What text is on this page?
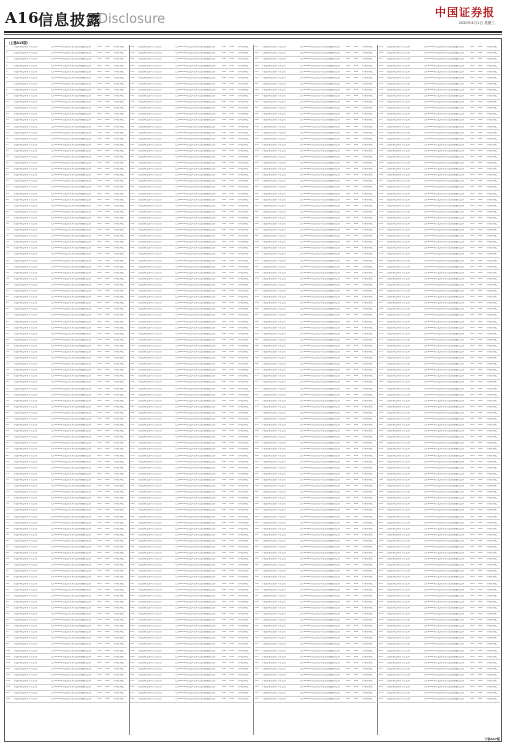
A16
信息披露
Disclosure	中国证券报
2020年4月1日 星期三
（上接A15版）
1	上海证券交易所上市公司	关于2019年度报告及年度报告摘要的公告	A15	B36	中国证券报
2	上海证券交易所上市公司	关于2019年度报告及年度报告摘要的公告	A15	B36	中国证券报
3	上海证券交易所上市公司	关于2019年度报告及年度报告摘要的公告	A15	B36	中国证券报
4	上海证券交易所上市公司	关于2019年度报告及年度报告摘要的公告	A15	B36	中国证券报
5	上海证券交易所上市公司	关于2019年度报告及年度报告摘要的公告	A15	B36	中国证券报
6	上海证券交易所上市公司	关于2019年度报告及年度报告摘要的公告	A15	B36	中国证券报
7	上海证券交易所上市公司	关于2019年度报告及年度报告摘要的公告	A15	B36	中国证券报
8	上海证券交易所上市公司	关于2019年度报告及年度报告摘要的公告	A15	B36	中国证券报
9	上海证券交易所上市公司	关于2019年度报告及年度报告摘要的公告	A15	B36	中国证券报
10	上海证券交易所上市公司	关于2019年度报告及年度报告摘要的公告	A15	B36	中国证券报
11	上海证券交易所上市公司	关于2019年度报告及年度报告摘要的公告	A15	B36	中国证券报
12	上海证券交易所上市公司	关于2019年度报告及年度报告摘要的公告	A15	B36	中国证券报
13	上海证券交易所上市公司	关于2019年度报告及年度报告摘要的公告	A15	B36	中国证券报
14	上海证券交易所上市公司	关于2019年度报告及年度报告摘要的公告	A15	B36	中国证券报
15	上海证券交易所上市公司	关于2019年度报告及年度报告摘要的公告	A15	B36	中国证券报
16	上海证券交易所上市公司	关于2019年度报告及年度报告摘要的公告	A15	B36	中国证券报
17	上海证券交易所上市公司	关于2019年度报告及年度报告摘要的公告	A15	B36	中国证券报
18	上海证券交易所上市公司	关于2019年度报告及年度报告摘要的公告	A15	B36	中国证券报
19	上海证券交易所上市公司	关于2019年度报告及年度报告摘要的公告	A15	B36	中国证券报
20	上海证券交易所上市公司	关于2019年度报告及年度报告摘要的公告	A15	B36	中国证券报
21	上海证券交易所上市公司	关于2019年度报告及年度报告摘要的公告	A15	B36	中国证券报
22	上海证券交易所上市公司	关于2019年度报告及年度报告摘要的公告	A15	B36	中国证券报
23	上海证券交易所上市公司	关于2019年度报告及年度报告摘要的公告	A15	B36	中国证券报
24	上海证券交易所上市公司	关于2019年度报告及年度报告摘要的公告	A15	B36	中国证券报
25	上海证券交易所上市公司	关于2019年度报告及年度报告摘要的公告	A15	B36	中国证券报
26	上海证券交易所上市公司	关于2019年度报告及年度报告摘要的公告	A15	B36	中国证券报
27	上海证券交易所上市公司	关于2019年度报告及年度报告摘要的公告	A15	B36	中国证券报
28	上海证券交易所上市公司	关于2019年度报告及年度报告摘要的公告	A15	B36	中国证券报
29	上海证券交易所上市公司	关于2019年度报告及年度报告摘要的公告	A15	B36	中国证券报
30	上海证券交易所上市公司	关于2019年度报告及年度报告摘要的公告	A15	B36	中国证券报
31	上海证券交易所上市公司	关于2019年度报告及年度报告摘要的公告	A15	B36	中国证券报
32	上海证券交易所上市公司	关于2019年度报告及年度报告摘要的公告	A15	B36	中国证券报
33	上海证券交易所上市公司	关于2019年度报告及年度报告摘要的公告	A15	B36	中国证券报
34	上海证券交易所上市公司	关于2019年度报告及年度报告摘要的公告	A15	B36	中国证券报
35	上海证券交易所上市公司	关于2019年度报告及年度报告摘要的公告	A15	B36	中国证券报
36	上海证券交易所上市公司	关于2019年度报告及年度报告摘要的公告	A15	B36	中国证券报
37	上海证券交易所上市公司	关于2019年度报告及年度报告摘要的公告	A15	B36	中国证券报
38	上海证券交易所上市公司	关于2019年度报告及年度报告摘要的公告	A15	B36	中国证券报
39	上海证券交易所上市公司	关于2019年度报告及年度报告摘要的公告	A15	B36	中国证券报
40	上海证券交易所上市公司	关于2019年度报告及年度报告摘要的公告	A15	B36	中国证券报
41	上海证券交易所上市公司	关于2019年度报告及年度报告摘要的公告	A15	B36	中国证券报
42	上海证券交易所上市公司	关于2019年度报告及年度报告摘要的公告	A15	B36	中国证券报
43	上海证券交易所上市公司	关于2019年度报告及年度报告摘要的公告	A15	B36	中国证券报
44	上海证券交易所上市公司	关于2019年度报告及年度报告摘要的公告	A15	B36	中国证券报
45	上海证券交易所上市公司	关于2019年度报告及年度报告摘要的公告	A15	B36	中国证券报
46	上海证券交易所上市公司	关于2019年度报告及年度报告摘要的公告	A15	B36	中国证券报
47	上海证券交易所上市公司	关于2019年度报告及年度报告摘要的公告	A15	B36	中国证券报
48	上海证券交易所上市公司	关于2019年度报告及年度报告摘要的公告	A15	B36	中国证券报
49	上海证券交易所上市公司	关于2019年度报告及年度报告摘要的公告	A15	B36	中国证券报
50	上海证券交易所上市公司	关于2019年度报告及年度报告摘要的公告	A15	B36	中国证券报
51	上海证券交易所上市公司	关于2019年度报告及年度报告摘要的公告	A15	B36	中国证券报
52	上海证券交易所上市公司	关于2019年度报告及年度报告摘要的公告	A15	B36	中国证券报
53	上海证券交易所上市公司	关于2019年度报告及年度报告摘要的公告	A15	B36	中国证券报
54	上海证券交易所上市公司	关于2019年度报告及年度报告摘要的公告	A15	B36	中国证券报
55	上海证券交易所上市公司	关于2019年度报告及年度报告摘要的公告	A15	B36	中国证券报
56	上海证券交易所上市公司	关于2019年度报告及年度报告摘要的公告	A15	B36	中国证券报
57	上海证券交易所上市公司	关于2019年度报告及年度报告摘要的公告	A15	B36	中国证券报
58	上海证券交易所上市公司	关于2019年度报告及年度报告摘要的公告	A15	B36	中国证券报
59	上海证券交易所上市公司	关于2019年度报告及年度报告摘要的公告	A15	B36	中国证券报
60	上海证券交易所上市公司	关于2019年度报告及年度报告摘要的公告	A15	B36	中国证券报
61	上海证券交易所上市公司	关于2019年度报告及年度报告摘要的公告	A15	B36	中国证券报
62	上海证券交易所上市公司	关于2019年度报告及年度报告摘要的公告	A15	B36	中国证券报
63	上海证券交易所上市公司	关于2019年度报告及年度报告摘要的公告	A15	B36	中国证券报
64	上海证券交易所上市公司	关于2019年度报告及年度报告摘要的公告	A15	B36	中国证券报
65	上海证券交易所上市公司	关于2019年度报告及年度报告摘要的公告	A15	B36	中国证券报
66	上海证券交易所上市公司	关于2019年度报告及年度报告摘要的公告	A15	B36	中国证券报
67	上海证券交易所上市公司	关于2019年度报告及年度报告摘要的公告	A15	B36	中国证券报
68	上海证券交易所上市公司	关于2019年度报告及年度报告摘要的公告	A15	B36	中国证券报
69	上海证券交易所上市公司	关于2019年度报告及年度报告摘要的公告	A15	B36	中国证券报
70	上海证券交易所上市公司	关于2019年度报告及年度报告摘要的公告	A15	B36	中国证券报
71	上海证券交易所上市公司	关于2019年度报告及年度报告摘要的公告	A15	B36	中国证券报
72	上海证券交易所上市公司	关于2019年度报告及年度报告摘要的公告	A15	B36	中国证券报
73	上海证券交易所上市公司	关于2019年度报告及年度报告摘要的公告	A15	B36	中国证券报
74	上海证券交易所上市公司	关于2019年度报告及年度报告摘要的公告	A15	B36	中国证券报
75	上海证券交易所上市公司	关于2019年度报告及年度报告摘要的公告	A15	B36	中国证券报
76	上海证券交易所上市公司	关于2019年度报告及年度报告摘要的公告	A15	B36	中国证券报
77	上海证券交易所上市公司	关于2019年度报告及年度报告摘要的公告	A15	B36	中国证券报
78	上海证券交易所上市公司	关于2019年度报告及年度报告摘要的公告	A15	B36	中国证券报
79	上海证券交易所上市公司	关于2019年度报告及年度报告摘要的公告	A15	B36	中国证券报
80	上海证券交易所上市公司	关于2019年度报告及年度报告摘要的公告	A15	B36	中国证券报
81	上海证券交易所上市公司	关于2019年度报告及年度报告摘要的公告	A15	B36	中国证券报
82	上海证券交易所上市公司	关于2019年度报告及年度报告摘要的公告	A15	B36	中国证券报
83	上海证券交易所上市公司	关于2019年度报告及年度报告摘要的公告	A15	B36	中国证券报
84	上海证券交易所上市公司	关于2019年度报告及年度报告摘要的公告	A15	B36	中国证券报
85	上海证券交易所上市公司	关于2019年度报告及年度报告摘要的公告	A15	B36	中国证券报
86	上海证券交易所上市公司	关于2019年度报告及年度报告摘要的公告	A15	B36	中国证券报
87	上海证券交易所上市公司	关于2019年度报告及年度报告摘要的公告	A15	B36	中国证券报
88	上海证券交易所上市公司	关于2019年度报告及年度报告摘要的公告	A15	B36	中国证券报
89	上海证券交易所上市公司	关于2019年度报告及年度报告摘要的公告	A15	B36	中国证券报
90	上海证券交易所上市公司	关于2019年度报告及年度报告摘要的公告	A15	B36	中国证券报
91	上海证券交易所上市公司	关于2019年度报告及年度报告摘要的公告	A15	B36	中国证券报
92	上海证券交易所上市公司	关于2019年度报告及年度报告摘要的公告	A15	B36	中国证券报
93	上海证券交易所上市公司	关于2019年度报告及年度报告摘要的公告	A15	B36	中国证券报
94	上海证券交易所上市公司	关于2019年度报告及年度报告摘要的公告	A15	B36	中国证券报
95	上海证券交易所上市公司	关于2019年度报告及年度报告摘要的公告	A15	B36	中国证券报
96	上海证券交易所上市公司	关于2019年度报告及年度报告摘要的公告	A15	B36	中国证券报
97	上海证券交易所上市公司	关于2019年度报告及年度报告摘要的公告	A15	B36	中国证券报
98	上海证券交易所上市公司	关于2019年度报告及年度报告摘要的公告	A15	B36	中国证券报
99	上海证券交易所上市公司	关于2019年度报告及年度报告摘要的公告	A15	B36	中国证券报
100	上海证券交易所上市公司	关于2019年度报告及年度报告摘要的公告	A15	B36	中国证券报
101	上海证券交易所上市公司	关于2019年度报告及年度报告摘要的公告	A15	B36	中国证券报
102	上海证券交易所上市公司	关于2019年度报告及年度报告摘要的公告	A15	B36	中国证券报
103	上海证券交易所上市公司	关于2019年度报告及年度报告摘要的公告	A15	B36	中国证券报
104	上海证券交易所上市公司	关于2019年度报告及年度报告摘要的公告	A15	B36	中国证券报
105	上海证券交易所上市公司	关于2019年度报告及年度报告摘要的公告	A15	B36	中国证券报
106	上海证券交易所上市公司	关于2019年度报告及年度报告摘要的公告	A15	B36	中国证券报
107	上海证券交易所上市公司	关于2019年度报告及年度报告摘要的公告	A15	B36	中国证券报
108	上海证券交易所上市公司	关于2019年度报告及年度报告摘要的公告	A15	B36	中国证券报
109	上海证券交易所上市公司	关于2019年度报告及年度报告摘要的公告	A15	B36	中国证券报
110	上海证券交易所上市公司	关于2019年度报告及年度报告摘要的公告	A15	B36	中国证券报
111	上海证券交易所上市公司	关于2019年度报告及年度报告摘要的公告	A15	B36	中国证券报
112	上海证券交易所上市公司	关于2019年度报告及年度报告摘要的公告	A15	B36	中国证券报
113	上海证券交易所上市公司	关于2019年度报告及年度报告摘要的公告	A15	B36	中国证券报
114	上海证券交易所上市公司	关于2019年度报告及年度报告摘要的公告	A15	B36	中国证券报
115	上海证券交易所上市公司	关于2019年度报告及年度报告摘要的公告	A15	B36	中国证券报
116	上海证券交易所上市公司	关于2019年度报告及年度报告摘要的公告	A15	B36	中国证券报
117	上海证券交易所上市公司	关于2019年度报告及年度报告摘要的公告	A15	B36	中国证券报
118	上海证券交易所上市公司	关于2019年度报告及年度报告摘要的公告	A15	B36	中国证券报
119	上海证券交易所上市公司	关于2019年度报告及年度报告摘要的公告	A15	B36	中国证券报
120	上海证券交易所上市公司	关于2019年度报告及年度报告摘要的公告	A15	B36	中国证券报
121	上海证券交易所上市公司	关于2019年度报告及年度报告摘要的公告	A15	B36	中国证券报
122	上海证券交易所上市公司	关于2019年度报告及年度报告摘要的公告	A15	B36	中国证券报
123	上海证券交易所上市公司	关于2019年度报告及年度报告摘要的公告	A15	B36	中国证券报
124	上海证券交易所上市公司	关于2019年度报告及年度报告摘要的公告	A15	B36	中国证券报
125	上海证券交易所上市公司	关于2019年度报告及年度报告摘要的公告	A15	B36	中国证券报
126	上海证券交易所上市公司	关于2019年度报告及年度报告摘要的公告	A15	B36	中国证券报
127	上海证券交易所上市公司	关于2019年度报告及年度报告摘要的公告	A15	B36	中国证券报
128	上海证券交易所上市公司	关于2019年度报告及年度报告摘要的公告	A15	B36	中国证券报
129	上海证券交易所上市公司	关于2019年度报告及年度报告摘要的公告	A15	B36	中国证券报
130	上海证券交易所上市公司	关于2019年度报告及年度报告摘要的公告	A15	B36	中国证券报
131	上海证券交易所上市公司	关于2019年度报告及年度报告摘要的公告	A15	B36	中国证券报
132	上海证券交易所上市公司	关于2019年度报告及年度报告摘要的公告	A15	B36	中国证券报
133	上海证券交易所上市公司	关于2019年度报告及年度报告摘要的公告	A15	B36	中国证券报
134	上海证券交易所上市公司	关于2019年度报告及年度报告摘要的公告	A15	B36	中国证券报
135	上海证券交易所上市公司	关于2019年度报告及年度报告摘要的公告	A15	B36	中国证券报
136	上海证券交易所上市公司	关于2019年度报告及年度报告摘要的公告	A15	B36	中国证券报
137	上海证券交易所上市公司	关于2019年度报告及年度报告摘要的公告	A15	B36	中国证券报
138	上海证券交易所上市公司	关于2019年度报告及年度报告摘要的公告	A15	B36	中国证券报
139	上海证券交易所上市公司	关于2019年度报告及年度报告摘要的公告	A15	B36	中国证券报
140	上海证券交易所上市公司	关于2019年度报告及年度报告摘要的公告	A15	B36	中国证券报
141	上海证券交易所上市公司	关于2019年度报告及年度报告摘要的公告	A15	B36	中国证券报
142	上海证券交易所上市公司	关于2019年度报告及年度报告摘要的公告	A15	B36	中国证券报
143	上海证券交易所上市公司	关于2019年度报告及年度报告摘要的公告	A15	B36	中国证券报
144	上海证券交易所上市公司	关于2019年度报告及年度报告摘要的公告	A15	B36	中国证券报
145	上海证券交易所上市公司	关于2019年度报告及年度报告摘要的公告	A15	B36	中国证券报
146	上海证券交易所上市公司	关于2019年度报告及年度报告摘要的公告	A15	B36	中国证券报
147	上海证券交易所上市公司	关于2019年度报告及年度报告摘要的公告	A15	B36	中国证券报
148	上海证券交易所上市公司	关于2019年度报告及年度报告摘要的公告	A15	B36	中国证券报
149	上海证券交易所上市公司	关于2019年度报告及年度报告摘要的公告	A15	B36	中国证券报
150	上海证券交易所上市公司	关于2019年度报告及年度报告摘要的公告	A15	B36	中国证券报
151	上海证券交易所上市公司	关于2019年度报告及年度报告摘要的公告	A15	B36	中国证券报
152	上海证券交易所上市公司	关于2019年度报告及年度报告摘要的公告	A15	B36	中国证券报
153	上海证券交易所上市公司	关于2019年度报告及年度报告摘要的公告	A15	B36	中国证券报
154	上海证券交易所上市公司	关于2019年度报告及年度报告摘要的公告	A15	B36	中国证券报
155	上海证券交易所上市公司	关于2019年度报告及年度报告摘要的公告	A15	B36	中国证券报
156	上海证券交易所上市公司	关于2019年度报告及年度报告摘要的公告	A15	B36	中国证券报
157	上海证券交易所上市公司	关于2019年度报告及年度报告摘要的公告	A15	B36	中国证券报
158	上海证券交易所上市公司	关于2019年度报告及年度报告摘要的公告	A15	B36	中国证券报
159	上海证券交易所上市公司	关于2019年度报告及年度报告摘要的公告	A15	B36	中国证券报
160	上海证券交易所上市公司	关于2019年度报告及年度报告摘要的公告	A15	B36	中国证券报
161	上海证券交易所上市公司	关于2019年度报告及年度报告摘要的公告	A15	B36	中国证券报
162	上海证券交易所上市公司	关于2019年度报告及年度报告摘要的公告	A15	B36	中国证券报
163	上海证券交易所上市公司	关于2019年度报告及年度报告摘要的公告	A15	B36	中国证券报
164	上海证券交易所上市公司	关于2019年度报告及年度报告摘要的公告	A15	B36	中国证券报
165	上海证券交易所上市公司	关于2019年度报告及年度报告摘要的公告	A15	B36	中国证券报
166	上海证券交易所上市公司	关于2019年度报告及年度报告摘要的公告	A15	B36	中国证券报
167	上海证券交易所上市公司	关于2019年度报告及年度报告摘要的公告	A15	B36	中国证券报
168	上海证券交易所上市公司	关于2019年度报告及年度报告摘要的公告	A15	B36	中国证券报
169	上海证券交易所上市公司	关于2019年度报告及年度报告摘要的公告	A15	B36	中国证券报
170	上海证券交易所上市公司	关于2019年度报告及年度报告摘要的公告	A15	B36	中国证券报
171	上海证券交易所上市公司	关于2019年度报告及年度报告摘要的公告	A15	B36	中国证券报
172	上海证券交易所上市公司	关于2019年度报告及年度报告摘要的公告	A15	B36	中国证券报
173	上海证券交易所上市公司	关于2019年度报告及年度报告摘要的公告	A15	B36	中国证券报
174	上海证券交易所上市公司	关于2019年度报告及年度报告摘要的公告	A15	B36	中国证券报
175	上海证券交易所上市公司	关于2019年度报告及年度报告摘要的公告	A15	B36	中国证券报
176	上海证券交易所上市公司	关于2019年度报告及年度报告摘要的公告	A15	B36	中国证券报
177	上海证券交易所上市公司	关于2019年度报告及年度报告摘要的公告	A15	B36	中国证券报
178	上海证券交易所上市公司	关于2019年度报告及年度报告摘要的公告	A15	B36	中国证券报
179	上海证券交易所上市公司	关于2019年度报告及年度报告摘要的公告	A15	B36	中国证券报
180	上海证券交易所上市公司	关于2019年度报告及年度报告摘要的公告	A15	B36	中国证券报
181	上海证券交易所上市公司	关于2019年度报告及年度报告摘要的公告	A15	B36	中国证券报
182	上海证券交易所上市公司	关于2019年度报告及年度报告摘要的公告	A15	B36	中国证券报
183	上海证券交易所上市公司	关于2019年度报告及年度报告摘要的公告	A15	B36	中国证券报
184	上海证券交易所上市公司	关于2019年度报告及年度报告摘要的公告	A15	B36	中国证券报
185	上海证券交易所上市公司	关于2019年度报告及年度报告摘要的公告	A15	B36	中国证券报
186	上海证券交易所上市公司	关于2019年度报告及年度报告摘要的公告	A15	B36	中国证券报
187	上海证券交易所上市公司	关于2019年度报告及年度报告摘要的公告	A15	B36	中国证券报
188	上海证券交易所上市公司	关于2019年度报告及年度报告摘要的公告	A15	B36	中国证券报
189	上海证券交易所上市公司	关于2019年度报告及年度报告摘要的公告	A15	B36	中国证券报
190	上海证券交易所上市公司	关于2019年度报告及年度报告摘要的公告	A15	B36	中国证券报
191	上海证券交易所上市公司	关于2019年度报告及年度报告摘要的公告	A15	B36	中国证券报
192	上海证券交易所上市公司	关于2019年度报告及年度报告摘要的公告	A15	B36	中国证券报
193	上海证券交易所上市公司	关于2019年度报告及年度报告摘要的公告	A15	B36	中国证券报
194	上海证券交易所上市公司	关于2019年度报告及年度报告摘要的公告	A15	B36	中国证券报
195	上海证券交易所上市公司	关于2019年度报告及年度报告摘要的公告	A15	B36	中国证券报
196	上海证券交易所上市公司	关于2019年度报告及年度报告摘要的公告	A15	B36	中国证券报
197	上海证券交易所上市公司	关于2019年度报告及年度报告摘要的公告	A15	B36	中国证券报
198	上海证券交易所上市公司	关于2019年度报告及年度报告摘要的公告	A15	B36	中国证券报
199	上海证券交易所上市公司	关于2019年度报告及年度报告摘要的公告	A15	B36	中国证券报
200	上海证券交易所上市公司	关于2019年度报告及年度报告摘要的公告	A15	B36	中国证券报
201	上海证券交易所上市公司	关于2019年度报告及年度报告摘要的公告	A15	B36	中国证券报
202	上海证券交易所上市公司	关于2019年度报告及年度报告摘要的公告	A15	B36	中国证券报
203	上海证券交易所上市公司	关于2019年度报告及年度报告摘要的公告	A15	B36	中国证券报
204	上海证券交易所上市公司	关于2019年度报告及年度报告摘要的公告	A15	B36	中国证券报
205	上海证券交易所上市公司	关于2019年度报告及年度报告摘要的公告	A15	B36	中国证券报
206	上海证券交易所上市公司	关于2019年度报告及年度报告摘要的公告	A15	B36	中国证券报
207	上海证券交易所上市公司	关于2019年度报告及年度报告摘要的公告	A15	B36	中国证券报
208	上海证券交易所上市公司	关于2019年度报告及年度报告摘要的公告	A15	B36	中国证券报
209	上海证券交易所上市公司	关于2019年度报告及年度报告摘要的公告	A15	B36	中国证券报
210	上海证券交易所上市公司	关于2019年度报告及年度报告摘要的公告	A15	B36	中国证券报
211	上海证券交易所上市公司	关于2019年度报告及年度报告摘要的公告	A15	B36	中国证券报
212	上海证券交易所上市公司	关于2019年度报告及年度报告摘要的公告	A15	B36	中国证券报
213	上海证券交易所上市公司	关于2019年度报告及年度报告摘要的公告	A15	B36	中国证券报
214	上海证券交易所上市公司	关于2019年度报告及年度报告摘要的公告	A15	B36	中国证券报
215	上海证券交易所上市公司	关于2019年度报告及年度报告摘要的公告	A15	B36	中国证券报
216	上海证券交易所上市公司	关于2019年度报告及年度报告摘要的公告	A15	B36	中国证券报
217	上海证券交易所上市公司	关于2019年度报告及年度报告摘要的公告	A15	B36	中国证券报
218	上海证券交易所上市公司	关于2019年度报告及年度报告摘要的公告	A15	B36	中国证券报
219	上海证券交易所上市公司	关于2019年度报告及年度报告摘要的公告	A15	B36	中国证券报
220	上海证券交易所上市公司	关于2019年度报告及年度报告摘要的公告	A15	B36	中国证券报
221	上海证券交易所上市公司	关于2019年度报告及年度报告摘要的公告	A15	B36	中国证券报
222	上海证券交易所上市公司	关于2019年度报告及年度报告摘要的公告	A15	B36	中国证券报
223	上海证券交易所上市公司	关于2019年度报告及年度报告摘要的公告	A15	B36	中国证券报
224	上海证券交易所上市公司	关于2019年度报告及年度报告摘要的公告	A15	B36	中国证券报
225	上海证券交易所上市公司	关于2019年度报告及年度报告摘要的公告	A15	B36	中国证券报
226	上海证券交易所上市公司	关于2019年度报告及年度报告摘要的公告	A15	B36	中国证券报
227	上海证券交易所上市公司	关于2019年度报告及年度报告摘要的公告	A15	B36	中国证券报
228	上海证券交易所上市公司	关于2019年度报告及年度报告摘要的公告	A15	B36	中国证券报
229	上海证券交易所上市公司	关于2019年度报告及年度报告摘要的公告	A15	B36	中国证券报
230	上海证券交易所上市公司	关于2019年度报告及年度报告摘要的公告	A15	B36	中国证券报
231	上海证券交易所上市公司	关于2019年度报告及年度报告摘要的公告	A15	B36	中国证券报
232	上海证券交易所上市公司	关于2019年度报告及年度报告摘要的公告	A15	B36	中国证券报
233	上海证券交易所上市公司	关于2019年度报告及年度报告摘要的公告	A15	B36	中国证券报
234	上海证券交易所上市公司	关于2019年度报告及年度报告摘要的公告	A15	B36	中国证券报
235	上海证券交易所上市公司	关于2019年度报告及年度报告摘要的公告	A15	B36	中国证券报
236	上海证券交易所上市公司	关于2019年度报告及年度报告摘要的公告	A15	B36	中国证券报
237	上海证券交易所上市公司	关于2019年度报告及年度报告摘要的公告	A15	B36	中国证券报
238	上海证券交易所上市公司	关于2019年度报告及年度报告摘要的公告	A15	B36	中国证券报
239	上海证券交易所上市公司	关于2019年度报告及年度报告摘要的公告	A15	B36	中国证券报
240	上海证券交易所上市公司	关于2019年度报告及年度报告摘要的公告	A15	B36	中国证券报
241	上海证券交易所上市公司	关于2019年度报告及年度报告摘要的公告	A15	B36	中国证券报
242	上海证券交易所上市公司	关于2019年度报告及年度报告摘要的公告	A15	B36	中国证券报
243	上海证券交易所上市公司	关于2019年度报告及年度报告摘要的公告	A15	B36	中国证券报
244	上海证券交易所上市公司	关于2019年度报告及年度报告摘要的公告	A15	B36	中国证券报
245	上海证券交易所上市公司	关于2019年度报告及年度报告摘要的公告	A15	B36	中国证券报
246	上海证券交易所上市公司	关于2019年度报告及年度报告摘要的公告	A15	B36	中国证券报
247	上海证券交易所上市公司	关于2019年度报告及年度报告摘要的公告	A15	B36	中国证券报
248	上海证券交易所上市公司	关于2019年度报告及年度报告摘要的公告	A15	B36	中国证券报
249	上海证券交易所上市公司	关于2019年度报告及年度报告摘要的公告	A15	B36	中国证券报
250	上海证券交易所上市公司	关于2019年度报告及年度报告摘要的公告	A15	B36	中国证券报
251	上海证券交易所上市公司	关于2019年度报告及年度报告摘要的公告	A15	B36	中国证券报
252	上海证券交易所上市公司	关于2019年度报告及年度报告摘要的公告	A15	B36	中国证券报
253	上海证券交易所上市公司	关于2019年度报告及年度报告摘要的公告	A15	B36	中国证券报
254	上海证券交易所上市公司	关于2019年度报告及年度报告摘要的公告	A15	B36	中国证券报
255	上海证券交易所上市公司	关于2019年度报告及年度报告摘要的公告	A15	B36	中国证券报
256	上海证券交易所上市公司	关于2019年度报告及年度报告摘要的公告	A15	B36	中国证券报
257	上海证券交易所上市公司	关于2019年度报告及年度报告摘要的公告	A15	B36	中国证券报
258	上海证券交易所上市公司	关于2019年度报告及年度报告摘要的公告	A15	B36	中国证券报
259	上海证券交易所上市公司	关于2019年度报告及年度报告摘要的公告	A15	B36	中国证券报
260	上海证券交易所上市公司	关于2019年度报告及年度报告摘要的公告	A15	B36	中国证券报
261	上海证券交易所上市公司	关于2019年度报告及年度报告摘要的公告	A15	B36	中国证券报
262	上海证券交易所上市公司	关于2019年度报告及年度报告摘要的公告	A15	B36	中国证券报
263	上海证券交易所上市公司	关于2019年度报告及年度报告摘要的公告	A15	B36	中国证券报
264	上海证券交易所上市公司	关于2019年度报告及年度报告摘要的公告	A15	B36	中国证券报
265	上海证券交易所上市公司	关于2019年度报告及年度报告摘要的公告	A15	B36	中国证券报
266	上海证券交易所上市公司	关于2019年度报告及年度报告摘要的公告	A15	B36	中国证券报
267	上海证券交易所上市公司	关于2019年度报告及年度报告摘要的公告	A15	B36	中国证券报
268	上海证券交易所上市公司	关于2019年度报告及年度报告摘要的公告	A15	B36	中国证券报
269	上海证券交易所上市公司	关于2019年度报告及年度报告摘要的公告	A15	B36	中国证券报
270	上海证券交易所上市公司	关于2019年度报告及年度报告摘要的公告	A15	B36	中国证券报
271	上海证券交易所上市公司	关于2019年度报告及年度报告摘要的公告	A15	B36	中国证券报
272	上海证券交易所上市公司	关于2019年度报告及年度报告摘要的公告	A15	B36	中国证券报
273	上海证券交易所上市公司	关于2019年度报告及年度报告摘要的公告	A15	B36	中国证券报
274	上海证券交易所上市公司	关于2019年度报告及年度报告摘要的公告	A15	B36	中国证券报
275	上海证券交易所上市公司	关于2019年度报告及年度报告摘要的公告	A15	B36	中国证券报
276	上海证券交易所上市公司	关于2019年度报告及年度报告摘要的公告	A15	B36	中国证券报
277	上海证券交易所上市公司	关于2019年度报告及年度报告摘要的公告	A15	B36	中国证券报
278	上海证券交易所上市公司	关于2019年度报告及年度报告摘要的公告	A15	B36	中国证券报
279	上海证券交易所上市公司	关于2019年度报告及年度报告摘要的公告	A15	B36	中国证券报
280	上海证券交易所上市公司	关于2019年度报告及年度报告摘要的公告	A15	B36	中国证券报
281	上海证券交易所上市公司	关于2019年度报告及年度报告摘要的公告	A15	B36	中国证券报
282	上海证券交易所上市公司	关于2019年度报告及年度报告摘要的公告	A15	B36	中国证券报
283	上海证券交易所上市公司	关于2019年度报告及年度报告摘要的公告	A15	B36	中国证券报
284	上海证券交易所上市公司	关于2019年度报告及年度报告摘要的公告	A15	B36	中国证券报
285	上海证券交易所上市公司	关于2019年度报告及年度报告摘要的公告	A15	B36	中国证券报
286	上海证券交易所上市公司	关于2019年度报告及年度报告摘要的公告	A15	B36	中国证券报
287	上海证券交易所上市公司	关于2019年度报告及年度报告摘要的公告	A15	B36	中国证券报
288	上海证券交易所上市公司	关于2019年度报告及年度报告摘要的公告	A15	B36	中国证券报
289	上海证券交易所上市公司	关于2019年度报告及年度报告摘要的公告	A15	B36	中国证券报
290	上海证券交易所上市公司	关于2019年度报告及年度报告摘要的公告	A15	B36	中国证券报
291	上海证券交易所上市公司	关于2019年度报告及年度报告摘要的公告	A15	B36	中国证券报
292	上海证券交易所上市公司	关于2019年度报告及年度报告摘要的公告	A15	B36	中国证券报
293	上海证券交易所上市公司	关于2019年度报告及年度报告摘要的公告	A15	B36	中国证券报
294	上海证券交易所上市公司	关于2019年度报告及年度报告摘要的公告	A15	B36	中国证券报
295	上海证券交易所上市公司	关于2019年度报告及年度报告摘要的公告	A15	B36	中国证券报
296	上海证券交易所上市公司	关于2019年度报告及年度报告摘要的公告	A15	B36	中国证券报
297	上海证券交易所上市公司	关于2019年度报告及年度报告摘要的公告	A15	B36	中国证券报
298	上海证券交易所上市公司	关于2019年度报告及年度报告摘要的公告	A15	B36	中国证券报
299	上海证券交易所上市公司	关于2019年度报告及年度报告摘要的公告	A15	B36	中国证券报
300	上海证券交易所上市公司	关于2019年度报告及年度报告摘要的公告	A15	B36	中国证券报
301	上海证券交易所上市公司	关于2019年度报告及年度报告摘要的公告	A15	B36	中国证券报
302	上海证券交易所上市公司	关于2019年度报告及年度报告摘要的公告	A15	B36	中国证券报
303	上海证券交易所上市公司	关于2019年度报告及年度报告摘要的公告	A15	B36	中国证券报
304	上海证券交易所上市公司	关于2019年度报告及年度报告摘要的公告	A15	B36	中国证券报
305	上海证券交易所上市公司	关于2019年度报告及年度报告摘要的公告	A15	B36	中国证券报
306	上海证券交易所上市公司	关于2019年度报告及年度报告摘要的公告	A15	B36	中国证券报
307	上海证券交易所上市公司	关于2019年度报告及年度报告摘要的公告	A15	B36	中国证券报
308	上海证券交易所上市公司	关于2019年度报告及年度报告摘要的公告	A15	B36	中国证券报
309	上海证券交易所上市公司	关于2019年度报告及年度报告摘要的公告	A15	B36	中国证券报
310	上海证券交易所上市公司	关于2019年度报告及年度报告摘要的公告	A15	B36	中国证券报
311	上海证券交易所上市公司	关于2019年度报告及年度报告摘要的公告	A15	B36	中国证券报
312	上海证券交易所上市公司	关于2019年度报告及年度报告摘要的公告	A15	B36	中国证券报
313	上海证券交易所上市公司	关于2019年度报告及年度报告摘要的公告	A15	B36	中国证券报
314	上海证券交易所上市公司	关于2019年度报告及年度报告摘要的公告	A15	B36	中国证券报
315	上海证券交易所上市公司	关于2019年度报告及年度报告摘要的公告	A15	B36	中国证券报
316	上海证券交易所上市公司	关于2019年度报告及年度报告摘要的公告	A15	B36	中国证券报
317	上海证券交易所上市公司	关于2019年度报告及年度报告摘要的公告	A15	B36	中国证券报
318	上海证券交易所上市公司	关于2019年度报告及年度报告摘要的公告	A15	B36	中国证券报
319	上海证券交易所上市公司	关于2019年度报告及年度报告摘要的公告	A15	B36	中国证券报
320	上海证券交易所上市公司	关于2019年度报告及年度报告摘要的公告	A15	B36	中国证券报
321	上海证券交易所上市公司	关于2019年度报告及年度报告摘要的公告	A15	B36	中国证券报
322	上海证券交易所上市公司	关于2019年度报告及年度报告摘要的公告	A15	B36	中国证券报
323	上海证券交易所上市公司	关于2019年度报告及年度报告摘要的公告	A15	B36	中国证券报
324	上海证券交易所上市公司	关于2019年度报告及年度报告摘要的公告	A15	B36	中国证券报
325	上海证券交易所上市公司	关于2019年度报告及年度报告摘要的公告	A15	B36	中国证券报
326	上海证券交易所上市公司	关于2019年度报告及年度报告摘要的公告	A15	B36	中国证券报
327	上海证券交易所上市公司	关于2019年度报告及年度报告摘要的公告	A15	B36	中国证券报
328	上海证券交易所上市公司	关于2019年度报告及年度报告摘要的公告	A15	B36	中国证券报
329	上海证券交易所上市公司	关于2019年度报告及年度报告摘要的公告	A15	B36	中国证券报
330	上海证券交易所上市公司	关于2019年度报告及年度报告摘要的公告	A15	B36	中国证券报
331	上海证券交易所上市公司	关于2019年度报告及年度报告摘要的公告	A15	B36	中国证券报
332	上海证券交易所上市公司	关于2019年度报告及年度报告摘要的公告	A15	B36	中国证券报
333	上海证券交易所上市公司	关于2019年度报告及年度报告摘要的公告	A15	B36	中国证券报
334	上海证券交易所上市公司	关于2019年度报告及年度报告摘要的公告	A15	B36	中国证券报
335	上海证券交易所上市公司	关于2019年度报告及年度报告摘要的公告	A15	B36	中国证券报
336	上海证券交易所上市公司	关于2019年度报告及年度报告摘要的公告	A15	B36	中国证券报
337	上海证券交易所上市公司	关于2019年度报告及年度报告摘要的公告	A15	B36	中国证券报
338	上海证券交易所上市公司	关于2019年度报告及年度报告摘要的公告	A15	B36	中国证券报
339	上海证券交易所上市公司	关于2019年度报告及年度报告摘要的公告	A15	B36	中国证券报
340	上海证券交易所上市公司	关于2019年度报告及年度报告摘要的公告	A15	B36	中国证券报
341	上海证券交易所上市公司	关于2019年度报告及年度报告摘要的公告	A15	B36	中国证券报
342	上海证券交易所上市公司	关于2019年度报告及年度报告摘要的公告	A15	B36	中国证券报
343	上海证券交易所上市公司	关于2019年度报告及年度报告摘要的公告	A15	B36	中国证券报
344	上海证券交易所上市公司	关于2019年度报告及年度报告摘要的公告	A15	B36	中国证券报
345	上海证券交易所上市公司	关于2019年度报告及年度报告摘要的公告	A15	B36	中国证券报
346	上海证券交易所上市公司	关于2019年度报告及年度报告摘要的公告	A15	B36	中国证券报
347	上海证券交易所上市公司	关于2019年度报告及年度报告摘要的公告	A15	B36	中国证券报
348	上海证券交易所上市公司	关于2019年度报告及年度报告摘要的公告	A15	B36	中国证券报
349	上海证券交易所上市公司	关于2019年度报告及年度报告摘要的公告	A15	B36	中国证券报
350	上海证券交易所上市公司	关于2019年度报告及年度报告摘要的公告	A15	B36	中国证券报
351	上海证券交易所上市公司	关于2019年度报告及年度报告摘要的公告	A15	B36	中国证券报
352	上海证券交易所上市公司	关于2019年度报告及年度报告摘要的公告	A15	B36	中国证券报
353	上海证券交易所上市公司	关于2019年度报告及年度报告摘要的公告	A15	B36	中国证券报
354	上海证券交易所上市公司	关于2019年度报告及年度报告摘要的公告	A15	B36	中国证券报
355	上海证券交易所上市公司	关于2019年度报告及年度报告摘要的公告	A15	B36	中国证券报
356	上海证券交易所上市公司	关于2019年度报告及年度报告摘要的公告	A15	B36	中国证券报
357	上海证券交易所上市公司	关于2019年度报告及年度报告摘要的公告	A15	B36	中国证券报
358	上海证券交易所上市公司	关于2019年度报告及年度报告摘要的公告	A15	B36	中国证券报
359	上海证券交易所上市公司	关于2019年度报告及年度报告摘要的公告	A15	B36	中国证券报
360	上海证券交易所上市公司	关于2019年度报告及年度报告摘要的公告	A15	B36	中国证券报
361	上海证券交易所上市公司	关于2019年度报告及年度报告摘要的公告	A15	B36	中国证券报
362	上海证券交易所上市公司	关于2019年度报告及年度报告摘要的公告	A15	B36	中国证券报
363	上海证券交易所上市公司	关于2019年度报告及年度报告摘要的公告	A15	B36	中国证券报
364	上海证券交易所上市公司	关于2019年度报告及年度报告摘要的公告	A15	B36	中国证券报
365	上海证券交易所上市公司	关于2019年度报告及年度报告摘要的公告	A15	B36	中国证券报
366	上海证券交易所上市公司	关于2019年度报告及年度报告摘要的公告	A15	B36	中国证券报
367	上海证券交易所上市公司	关于2019年度报告及年度报告摘要的公告	A15	B36	中国证券报
368	上海证券交易所上市公司	关于2019年度报告及年度报告摘要的公告	A15	B36	中国证券报
369	上海证券交易所上市公司	关于2019年度报告及年度报告摘要的公告	A15	B36	中国证券报
370	上海证券交易所上市公司	关于2019年度报告及年度报告摘要的公告	A15	B36	中国证券报
371	上海证券交易所上市公司	关于2019年度报告及年度报告摘要的公告	A15	B36	中国证券报
372	上海证券交易所上市公司	关于2019年度报告及年度报告摘要的公告	A15	B36	中国证券报
373	上海证券交易所上市公司	关于2019年度报告及年度报告摘要的公告	A15	B36	中国证券报
374	上海证券交易所上市公司	关于2019年度报告及年度报告摘要的公告	A15	B36	中国证券报
375	上海证券交易所上市公司	关于2019年度报告及年度报告摘要的公告	A15	B36	中国证券报
376	上海证券交易所上市公司	关于2019年度报告及年度报告摘要的公告	A15	B36	中国证券报
377	上海证券交易所上市公司	关于2019年度报告及年度报告摘要的公告	A15	B36	中国证券报
378	上海证券交易所上市公司	关于2019年度报告及年度报告摘要的公告	A15	B36	中国证券报
379	上海证券交易所上市公司	关于2019年度报告及年度报告摘要的公告	A15	B36	中国证券报
380	上海证券交易所上市公司	关于2019年度报告及年度报告摘要的公告	A15	B36	中国证券报
381	上海证券交易所上市公司	关于2019年度报告及年度报告摘要的公告	A15	B36	中国证券报
382	上海证券交易所上市公司	关于2019年度报告及年度报告摘要的公告	A15	B36	中国证券报
383	上海证券交易所上市公司	关于2019年度报告及年度报告摘要的公告	A15	B36	中国证券报
384	上海证券交易所上市公司	关于2019年度报告及年度报告摘要的公告	A15	B36	中国证券报
385	上海证券交易所上市公司	关于2019年度报告及年度报告摘要的公告	A15	B36	中国证券报
386	上海证券交易所上市公司	关于2019年度报告及年度报告摘要的公告	A15	B36	中国证券报
387	上海证券交易所上市公司	关于2019年度报告及年度报告摘要的公告	A15	B36	中国证券报
388	上海证券交易所上市公司	关于2019年度报告及年度报告摘要的公告	A15	B36	中国证券报
389	上海证券交易所上市公司	关于2019年度报告及年度报告摘要的公告	A15	B36	中国证券报
390	上海证券交易所上市公司	关于2019年度报告及年度报告摘要的公告	A15	B36	中国证券报
391	上海证券交易所上市公司	关于2019年度报告及年度报告摘要的公告	A15	B36	中国证券报
392	上海证券交易所上市公司	关于2019年度报告及年度报告摘要的公告	A15	B36	中国证券报
393	上海证券交易所上市公司	关于2019年度报告及年度报告摘要的公告	A15	B36	中国证券报
394	上海证券交易所上市公司	关于2019年度报告及年度报告摘要的公告	A15	B36	中国证券报
395	上海证券交易所上市公司	关于2019年度报告及年度报告摘要的公告	A15	B36	中国证券报
396	上海证券交易所上市公司	关于2019年度报告及年度报告摘要的公告	A15	B36	中国证券报
397	上海证券交易所上市公司	关于2019年度报告及年度报告摘要的公告	A15	B36	中国证券报
398	上海证券交易所上市公司	关于2019年度报告及年度报告摘要的公告	A15	B36	中国证券报
399	上海证券交易所上市公司	关于2019年度报告及年度报告摘要的公告	A15	B36	中国证券报
400	上海证券交易所上市公司	关于2019年度报告及年度报告摘要的公告	A15	B36	中国证券报
401	上海证券交易所上市公司	关于2019年度报告及年度报告摘要的公告	A15	B36	中国证券报
402	上海证券交易所上市公司	关于2019年度报告及年度报告摘要的公告	A15	B36	中国证券报
403	上海证券交易所上市公司	关于2019年度报告及年度报告摘要的公告	A15	B36	中国证券报
404	上海证券交易所上市公司	关于2019年度报告及年度报告摘要的公告	A15	B36	中国证券报
405	上海证券交易所上市公司	关于2019年度报告及年度报告摘要的公告	A15	B36	中国证券报
406	上海证券交易所上市公司	关于2019年度报告及年度报告摘要的公告	A15	B36	中国证券报
407	上海证券交易所上市公司	关于2019年度报告及年度报告摘要的公告	A15	B36	中国证券报
408	上海证券交易所上市公司	关于2019年度报告及年度报告摘要的公告	A15	B36	中国证券报
409	上海证券交易所上市公司	关于2019年度报告及年度报告摘要的公告	A15	B36	中国证券报
410	上海证券交易所上市公司	关于2019年度报告及年度报告摘要的公告	A15	B36	中国证券报
411	上海证券交易所上市公司	关于2019年度报告及年度报告摘要的公告	A15	B36	中国证券报
412	上海证券交易所上市公司	关于2019年度报告及年度报告摘要的公告	A15	B36	中国证券报
413	上海证券交易所上市公司	关于2019年度报告及年度报告摘要的公告	A15	B36	中国证券报
414	上海证券交易所上市公司	关于2019年度报告及年度报告摘要的公告	A15	B36	中国证券报
415	上海证券交易所上市公司	关于2019年度报告及年度报告摘要的公告	A15	B36	中国证券报
416	上海证券交易所上市公司	关于2019年度报告及年度报告摘要的公告	A15	B36	中国证券报
417	上海证券交易所上市公司	关于2019年度报告及年度报告摘要的公告	A15	B36	中国证券报
418	上海证券交易所上市公司	关于2019年度报告及年度报告摘要的公告	A15	B36	中国证券报
419	上海证券交易所上市公司	关于2019年度报告及年度报告摘要的公告	A15	B36	中国证券报
420	上海证券交易所上市公司	关于2019年度报告及年度报告摘要的公告	A15	B36	中国证券报
421	上海证券交易所上市公司	关于2019年度报告及年度报告摘要的公告	A15	B36	中国证券报
422	上海证券交易所上市公司	关于2019年度报告及年度报告摘要的公告	A15	B36	中国证券报
423	上海证券交易所上市公司	关于2019年度报告及年度报告摘要的公告	A15	B36	中国证券报
424	上海证券交易所上市公司	关于2019年度报告及年度报告摘要的公告	A15	B36	中国证券报
425	上海证券交易所上市公司	关于2019年度报告及年度报告摘要的公告	A15	B36	中国证券报
426	上海证券交易所上市公司	关于2019年度报告及年度报告摘要的公告	A15	B36	中国证券报
427	上海证券交易所上市公司	关于2019年度报告及年度报告摘要的公告	A15	B36	中国证券报
428	上海证券交易所上市公司	关于2019年度报告及年度报告摘要的公告	A15	B36	中国证券报
429	上海证券交易所上市公司	关于2019年度报告及年度报告摘要的公告	A15	B36	中国证券报
430	上海证券交易所上市公司	关于2019年度报告及年度报告摘要的公告	A15	B36	中国证券报
431	上海证券交易所上市公司	关于2019年度报告及年度报告摘要的公告	A15	B36	中国证券报
432	上海证券交易所上市公司	关于2019年度报告及年度报告摘要的公告	A15	B36	中国证券报
下转A17版
